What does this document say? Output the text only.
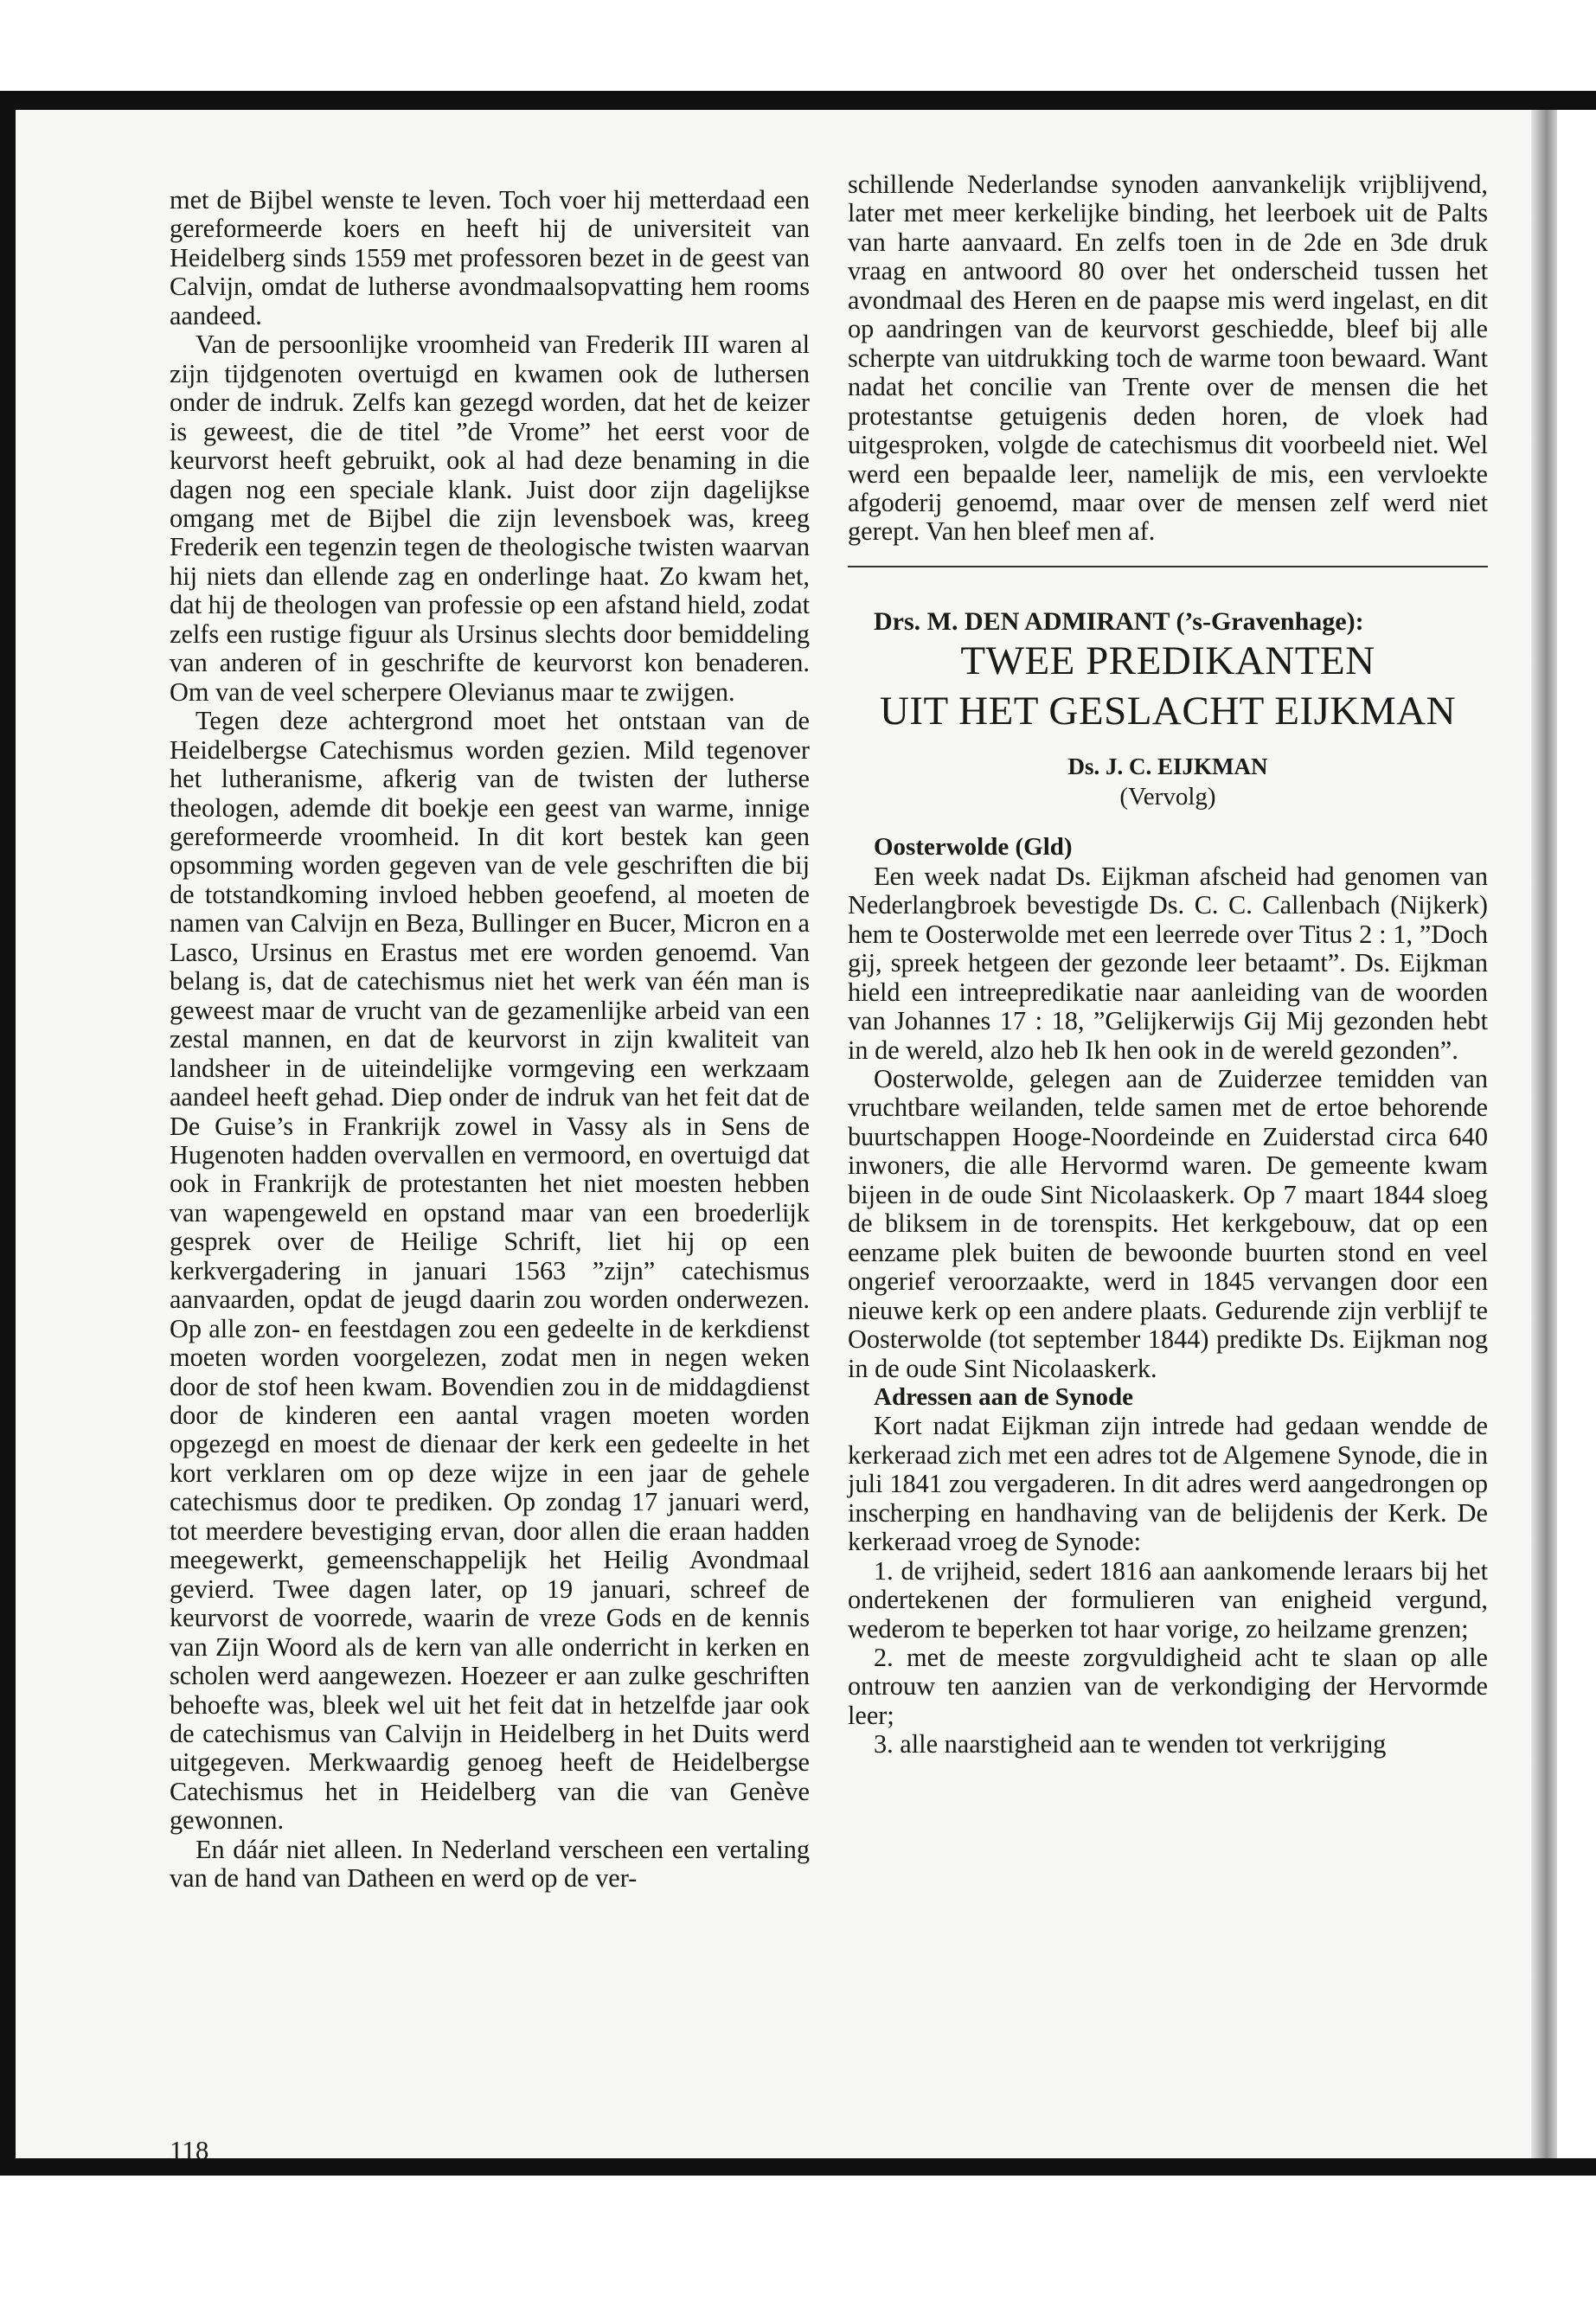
met de Bijbel wenste te leven. Toch voer hij metterdaad een gereformeerde koers en heeft hij de universiteit van Heidelberg sinds 1559 met professoren bezet in de geest van Calvijn, omdat de lutherse avondmaalsopvatting hem rooms aandeed.

Van de persoonlijke vroomheid van Frederik III waren al zijn tijdgenoten overtuigd en kwamen ook de luthersen onder de indruk. Zelfs kan gezegd worden, dat het de keizer is geweest, die de titel ”de Vrome” het eerst voor de keurvorst heeft gebruikt, ook al had deze benaming in die dagen nog een speciale klank. Juist door zijn dagelijkse omgang met de Bijbel die zijn levensboek was, kreeg Frederik een tegenzin tegen de theologische twisten waarvan hij niets dan ellende zag en onderlinge haat. Zo kwam het, dat hij de theologen van professie op een afstand hield, zodat zelfs een rustige figuur als Ursinus slechts door bemiddeling van anderen of in geschrifte de keurvorst kon benaderen. Om van de veel scherpere Olevianus maar te zwijgen.

Tegen deze achtergrond moet het ontstaan van de Heidelbergse Catechismus worden gezien. Mild tegenover het lutheranisme, afkerig van de twisten der lutherse theologen, ademde dit boekje een geest van warme, innige gereformeerde vroomheid. In dit kort bestek kan geen opsomming worden gegeven van de vele geschriften die bij de totstandkoming invloed hebben geoefend, al moeten de namen van Calvijn en Beza, Bullinger en Bucer, Micron en a Lasco, Ursinus en Erastus met ere worden genoemd. Van belang is, dat de catechismus niet het werk van één man is geweest maar de vrucht van de gezamenlijke arbeid van een zestal mannen, en dat de keurvorst in zijn kwaliteit van landsheer in de uiteindelijke vormgeving een werkzaam aandeel heeft gehad. Diep onder de indruk van het feit dat de De Guise’s in Frankrijk zowel in Vassy als in Sens de Hugenoten hadden overvallen en vermoord, en overtuigd dat ook in Frankrijk de protestanten het niet moesten hebben van wapengeweld en opstand maar van een broederlijk gesprek over de Heilige Schrift, liet hij op een kerkvergadering in januari 1563 ”zijn” catechismus aanvaarden, opdat de jeugd daarin zou worden onderwezen. Op alle zon- en feestdagen zou een gedeelte in de kerkdienst moeten worden voorgelezen, zodat men in negen weken door de stof heen kwam. Bovendien zou in de middagdienst door de kinderen een aantal vragen moeten worden opgezegd en moest de dienaar der kerk een gedeelte in het kort verklaren om op deze wijze in een jaar de gehele catechismus door te prediken. Op zondag 17 januari werd, tot meerdere bevestiging ervan, door allen die eraan hadden meegewerkt, gemeenschappelijk het Heilig Avondmaal gevierd. Twee dagen later, op 19 januari, schreef de keurvorst de voorrede, waarin de vreze Gods en de kennis van Zijn Woord als de kern van alle onderricht in kerken en scholen werd aangewezen. Hoezeer er aan zulke geschriften behoefte was, bleek wel uit het feit dat in hetzelfde jaar ook de catechismus van Calvijn in Heidelberg in het Duits werd uitgegeven. Merkwaardig genoeg heeft de Heidelbergse Catechismus het in Heidelberg van die van Genève gewonnen.

En dáár niet alleen. In Nederland verscheen een vertaling van de hand van Datheen en werd op de ver-

118

schillende Nederlandse synoden aanvankelijk vrijblijvend, later met meer kerkelijke binding, het leerboek uit de Palts van harte aanvaard. En zelfs toen in de 2de en 3de druk vraag en antwoord 80 over het onderscheid tussen het avondmaal des Heren en de paapse mis werd ingelast, en dit op aandringen van de keurvorst geschiedde, bleef bij alle scherpte van uitdrukking toch de warme toon bewaard. Want nadat het concilie van Trente over de mensen die het protestantse getuigenis deden horen, de vloek had uitgesproken, volgde de catechismus dit voorbeeld niet. Wel werd een bepaalde leer, namelijk de mis, een vervloekte afgoderij genoemd, maar over de mensen zelf werd niet gerept. Van hen bleef men af.

Drs. M. DEN ADMIRANT (’s-Gravenhage):

TWEE PREDIKANTEN
UIT HET GESLACHT EIJKMAN
Ds. J. C. EIJKMAN
(Vervolg)

Oosterwolde (Gld)

Een week nadat Ds. Eijkman afscheid had genomen van Nederlangbroek bevestigde Ds. C. C. Callenbach (Nijkerk) hem te Oosterwolde met een leerrede over Titus 2 : 1, ”Doch gij, spreek hetgeen der gezonde leer betaamt”. Ds. Eijkman hield een intreepredikatie naar aanleiding van de woorden van Johannes 17 : 18, ”Gelijkerwijs Gij Mij gezonden hebt in de wereld, alzo heb Ik hen ook in de wereld gezonden”.

Oosterwolde, gelegen aan de Zuiderzee temidden van vruchtbare weilanden, telde samen met de ertoe behorende buurtschappen Hooge-Noordeinde en Zuiderstad circa 640 inwoners, die alle Hervormd waren. De gemeente kwam bijeen in de oude Sint Nicolaaskerk. Op 7 maart 1844 sloeg de bliksem in de torenspits. Het kerkgebouw, dat op een eenzame plek buiten de bewoonde buurten stond en veel ongerief veroorzaakte, werd in 1845 vervangen door een nieuwe kerk op een andere plaats. Gedurende zijn verblijf te Oosterwolde (tot september 1844) predikte Ds. Eijkman nog in de oude Sint Nicolaaskerk.

Adressen aan de Synode

Kort nadat Eijkman zijn intrede had gedaan wendde de kerkeraad zich met een adres tot de Algemene Synode, die in juli 1841 zou vergaderen. In dit adres werd aangedrongen op inscherping en handhaving van de belijdenis der Kerk. De kerkeraad vroeg de Synode:

1. de vrijheid, sedert 1816 aan aankomende leraars bij het ondertekenen der formulieren van enigheid vergund, wederom te beperken tot haar vorige, zo heilzame grenzen;

2. met de meeste zorgvuldigheid acht te slaan op alle ontrouw ten aanzien van de verkondiging der Hervormde leer;

3. alle naarstigheid aan te wenden tot verkrijging
